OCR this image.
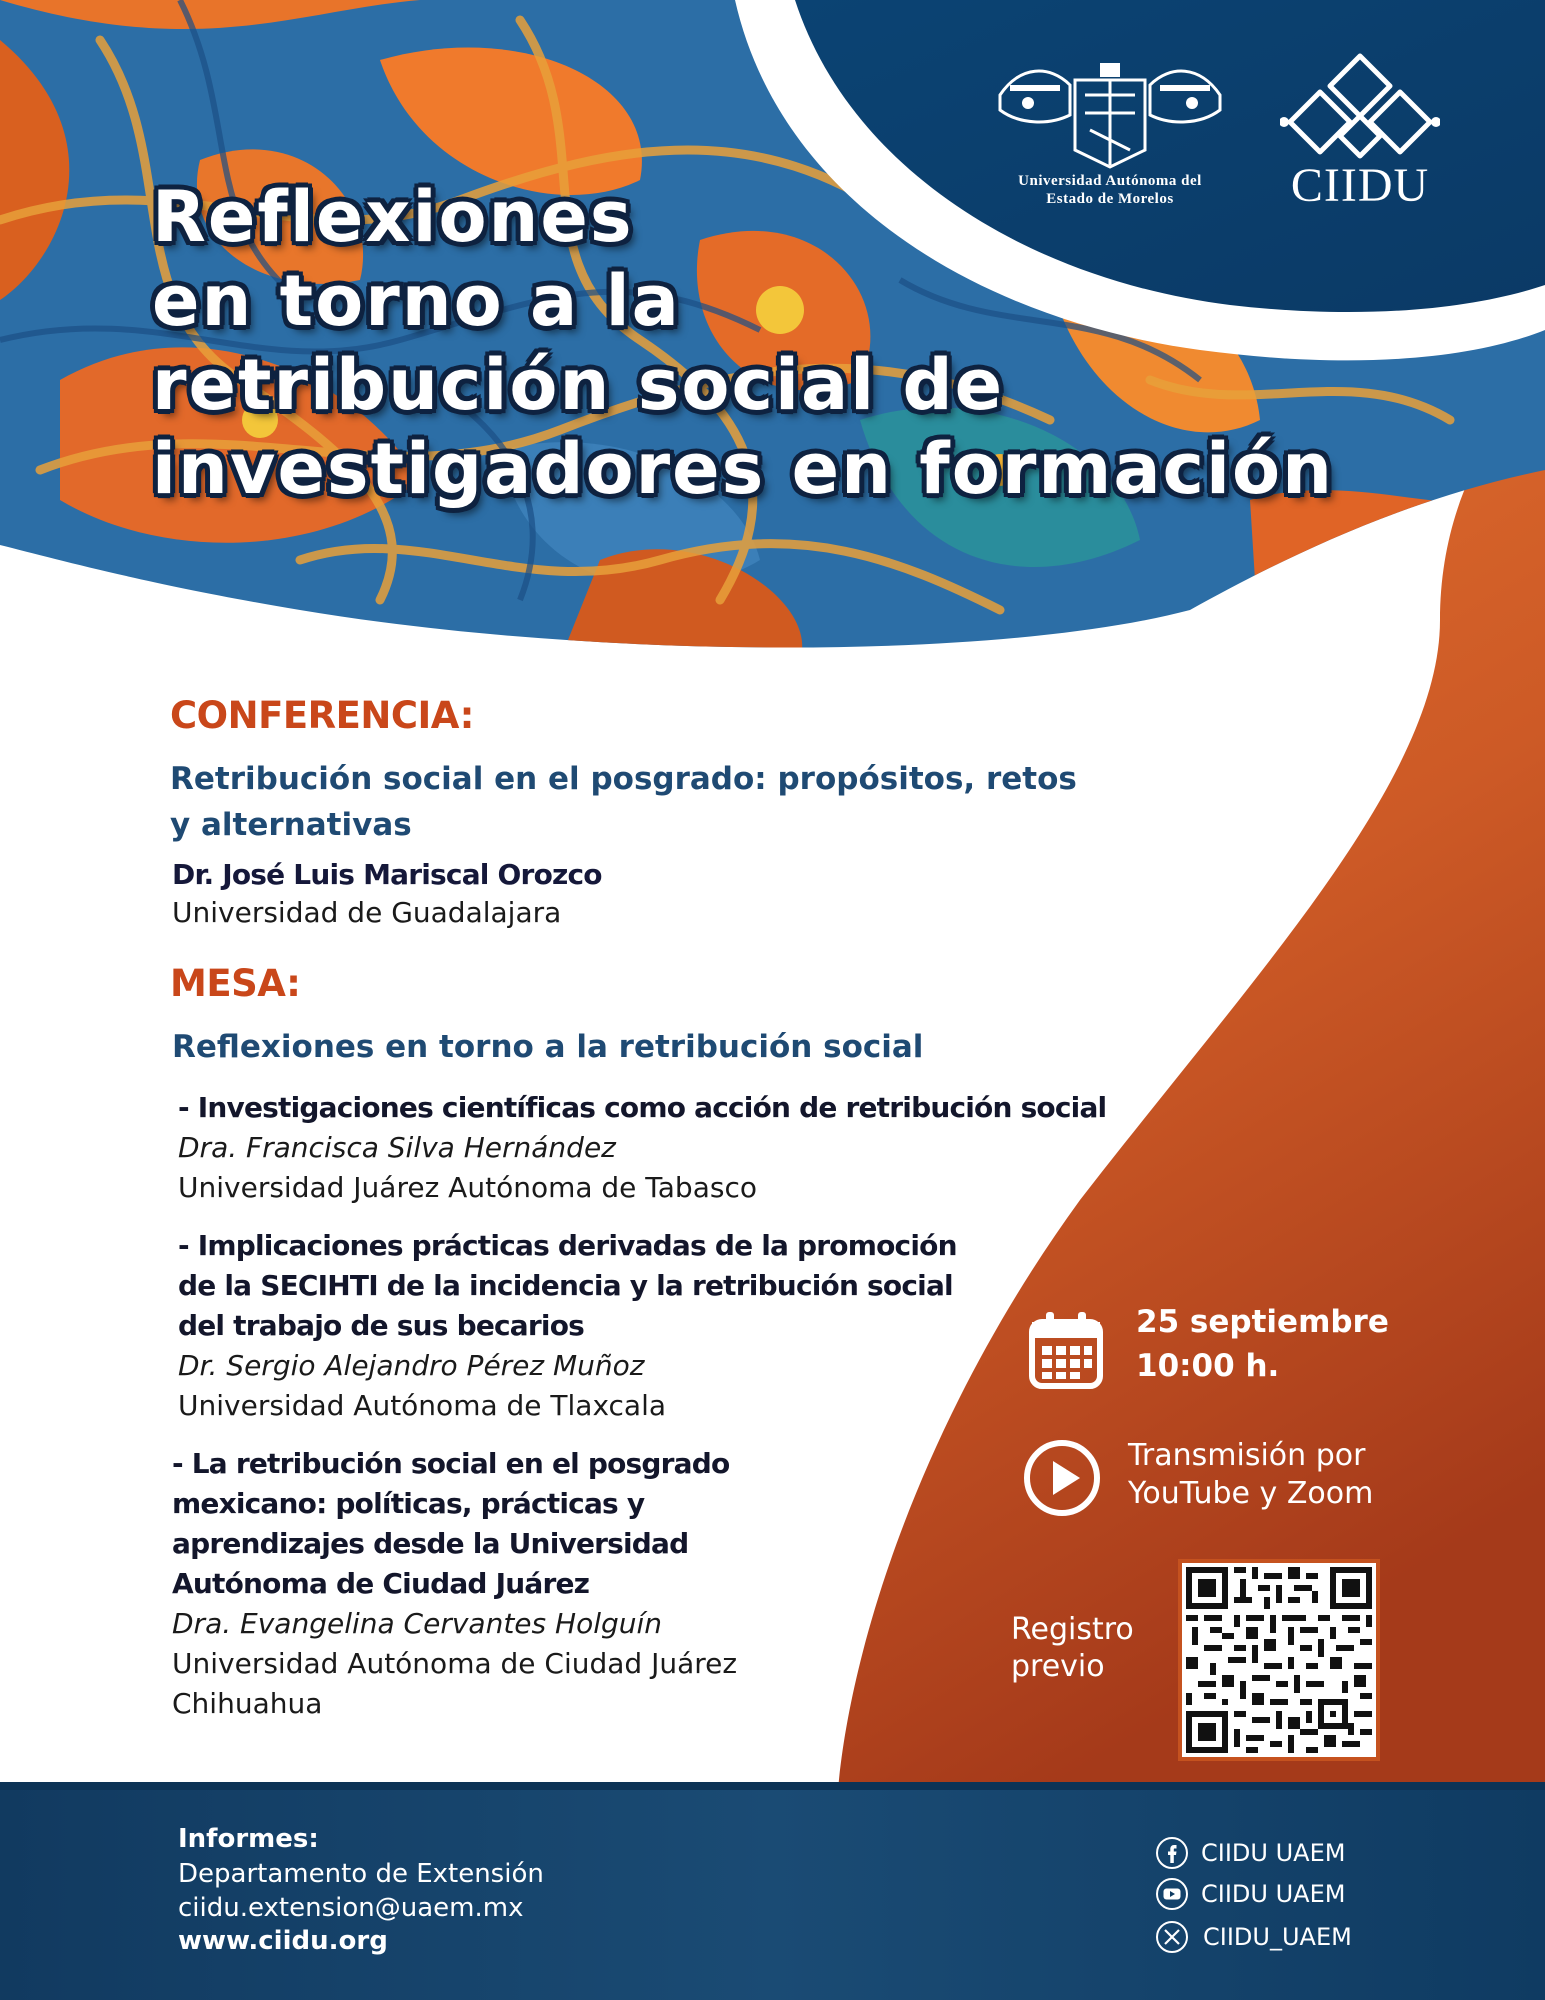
Universidad Autónoma del
Estado de Morelos	CIIDU
Reflexiones
en torno a la
retribución social de
investigadores en formación
CONFERENCIA:
Retribución social en el posgrado: propósitos, retos
y alternativas
Dr. José Luis Mariscal Orozco
Universidad de Guadalajara
MESA:
Reflexiones en torno a la retribución social
- Investigaciones científicas como acción de retribución social
Dra. Francisca Silva Hernández
Universidad Juárez Autónoma de Tabasco
- Implicaciones prácticas derivadas de la promoción
de la SECIHTI de la incidencia y la retribución social
del trabajo de sus becarios
Dr. Sergio Alejandro Pérez Muñoz
Universidad Autónoma de Tlaxcala
- La retribución social en el posgrado
mexicano: políticas, prácticas y
aprendizajes desde la Universidad
Autónoma de Ciudad Juárez
Dra. Evangelina Cervantes Holguín
Universidad Autónoma de Ciudad Juárez
Chihuahua
25 septiembre
10:00 h.
Transmisión por
YouTube y Zoom
Registro
previo
Informes:
Departamento de Extensión
ciidu.extension@uaem.mx
www.ciidu.org
CIIDU UAEM
CIIDU UAEM
CIIDU_UAEM
